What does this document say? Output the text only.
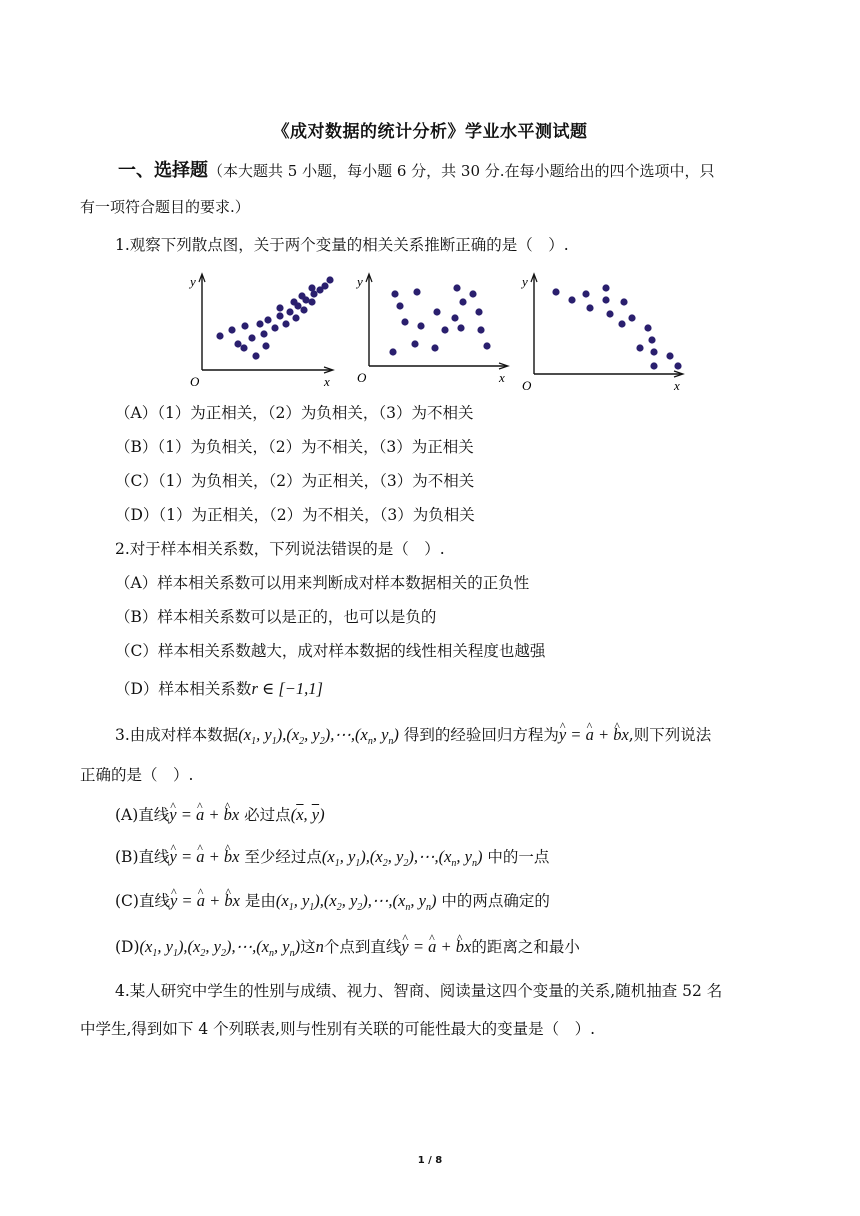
《成对数据的统计分析》学业水平测试题
一、选择题（本大题共 5 小题，每小题 6 分，共 30 分.在每小题给出的四个选项中，只
有一项符合题目的要求.）
1.观察下列散点图，关于两个变量的相关关系推断正确的是（　）.
y
x
O
y
x
O
y
x
O
（A）（1）为正相关，（2）为负相关，（3）为不相关
（B）（1）为负相关，（2）为不相关，（3）为正相关
（C）（1）为负相关，（2）为正相关，（3）为不相关
（D）（1）为正相关，（2）为不相关，（3）为负相关
2.对于样本相关系数，下列说法错误的是（　）.
（A）样本相关系数可以用来判断成对样本数据相关的正负性
（B）样本相关系数可以是正的，也可以是负的
（C）样本相关系数越大，成对样本数据的线性相关程度也越强
（D）样本相关系数r ∈ [−1,1]
3.由成对样本数据($x_1$, $y_1),(x_2$, $y_2),\cdots,(x_n$, $y_n$) 得到的经验回归方程为^ y = ^ a + ^ bx,则下列说法
正确的是（　）.
(A)直线^ y = ^ a + ^ bx 必过点($\overline{x}$, $\overline{y}$)
(B)直线^ y = ^ a + ^ bx 至少经过点($x_1$, $y_1),(x_2$, $y_2),\cdots,(x_n$, $y_n$) 中的一点
(C)直线^ y = ^ a + ^ bx 是由($x_1$, $y_1),(x_2$, $y_2),\cdots,(x_n$, $y_n$) 中的两点确定的
$(D)(x_1$, $y_1),(x_2$, $y_2),\cdots,(x_n$, $y_n$)这n个点到直线^ y = ^ a + ^ bx的距离之和最小
4.某人研究中学生的性别与成绩、视力、智商、阅读量这四个变量的关系,随机抽查 52 名
中学生,得到如下 4 个列联表,则与性别有关联的可能性最大的变量是（　）.
1 / 8
